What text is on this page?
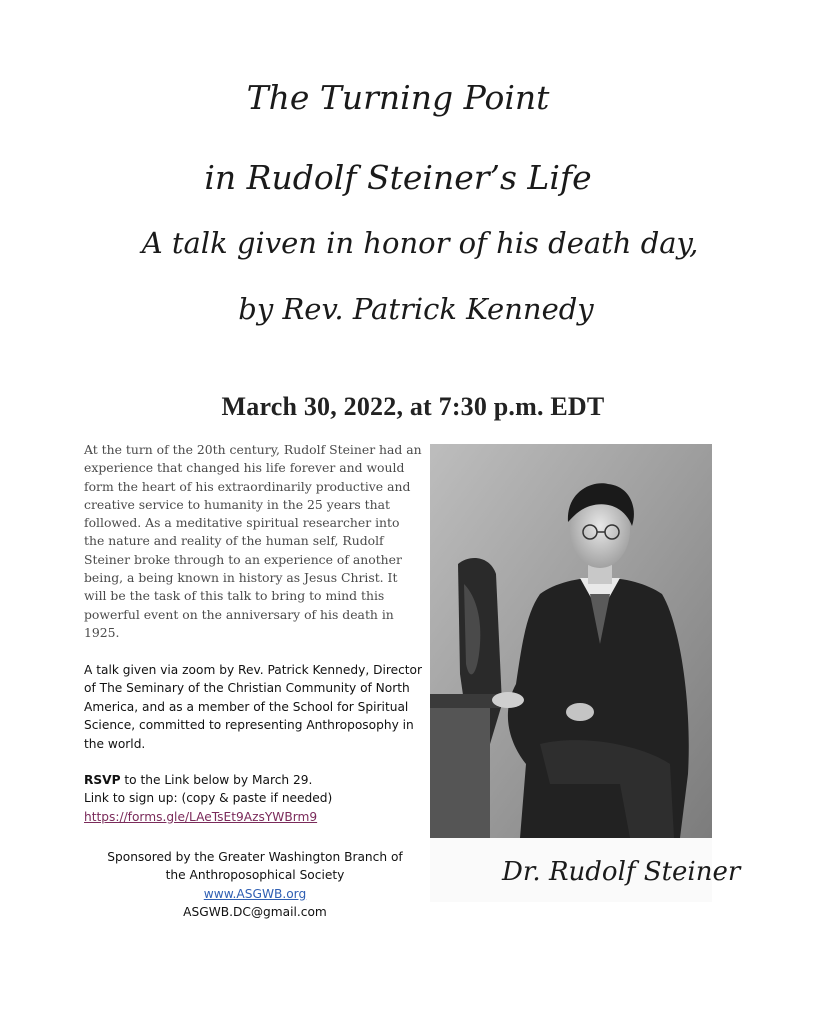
The Turning Point
in Rudolf Steiner’s Life
A talk given in honor of his death day,
by Rev. Patrick Kennedy
March 30, 2022, at 7:30 p.m. EDT

At the turn of the 20th century, Rudolf Steiner had an experience that changed his life forever and would form the heart of his extraordinarily productive and creative service to humanity in the 25 years that followed. As a meditative spiritual researcher into the nature and reality of the human self, Rudolf Steiner broke through to an experience of another being, a being known in history as Jesus Christ. It will be the task of this talk to bring to mind this powerful event on the anniversary of his death in 1925.

A talk given via zoom by Rev. Patrick Kennedy, Director of The Seminary of the Christian Community of North America, and as a member of the School for Spiritual Science, committed to representing Anthroposophy in the world.

RSVP to the Link below by March 29.
Link to sign up: (copy & paste if needed)
https://forms.gle/LAeTsEt9AzsYWBrm9
Sponsored by the Greater Washington Branch of
the Anthroposophical Society
www.ASGWB.org
ASGWB.DC@gmail.com
Dr. Rudolf Steiner
